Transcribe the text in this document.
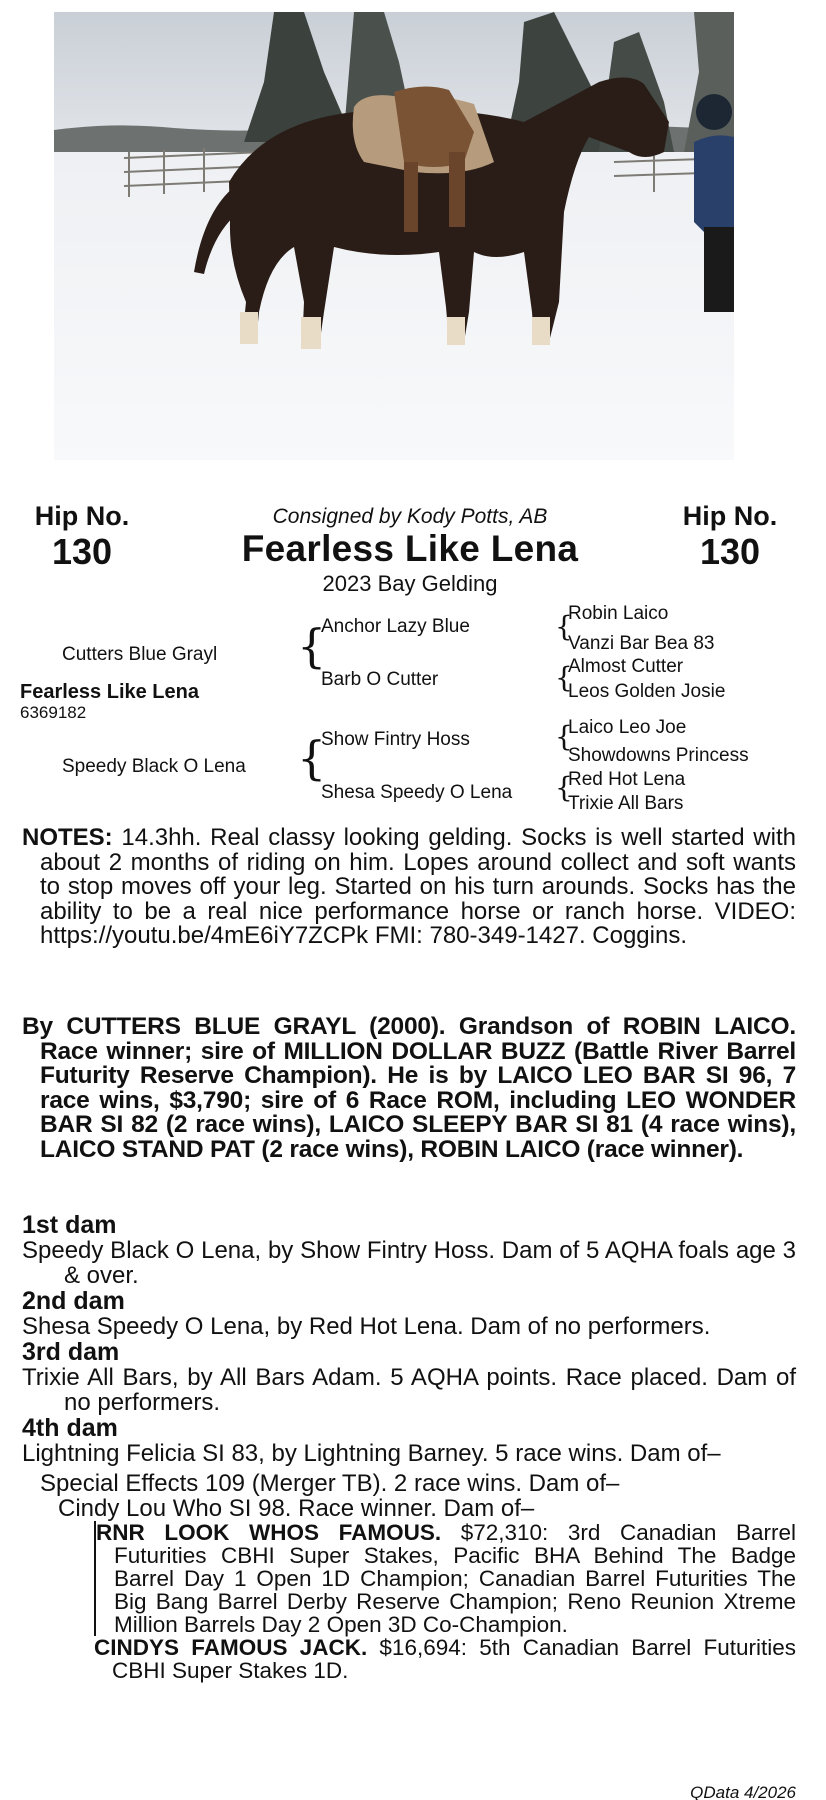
Hip No.
130
Hip No.
130
Consigned by Kody Potts, AB
Fearless Like Lena
2023 Bay Gelding
Cutters Blue Grayl
Fearless Like Lena
6369182
Speedy Black O Lena
{
{
Anchor Lazy Blue
Barb O Cutter
Show Fintry Hoss
Shesa Speedy O Lena
{
{
{
{
Robin Laico
Vanzi Bar Bea 83
Almost Cutter
Leos Golden Josie
Laico Leo Joe
Showdowns Princess
Red Hot Lena
Trixie All Bars
NOTES: 14.3hh. Real classy looking gelding. Socks is well started with about 2 months of riding on him. Lopes around collect and soft wants to stop moves off your leg. Started on his turn arounds. Socks has the ability to be a real nice performance horse or ranch horse. VIDEO: https://youtu.be/4mE6iY7ZCPk FMI: 780-349-1427. Coggins.
By CUTTERS BLUE GRAYL (2000). Grandson of ROBIN LAICO. Race winner; sire of MILLION DOLLAR BUZZ (Battle River Barrel Futurity Reserve Champion). He is by LAICO LEO BAR SI 96, 7 race wins, $3,790; sire of 6 Race ROM, including LEO WONDER BAR SI 82 (2 race wins), LAICO SLEEPY BAR SI 81 (4 race wins), LAICO STAND PAT (2 race wins), ROBIN LAICO (race winner).
1st dam
Speedy Black O Lena, by Show Fintry Hoss. Dam of 5 AQHA foals age 3 & over.
2nd dam
Shesa Speedy O Lena, by Red Hot Lena. Dam of no performers.
3rd dam
Trixie All Bars, by All Bars Adam. 5 AQHA points. Race placed. Dam of no performers.
4th dam
Lightning Felicia SI 83, by Lightning Barney. 5 race wins. Dam of–
Special Effects 109 (Merger TB). 2 race wins. Dam of–
Cindy Lou Who SI 98. Race winner. Dam of–
RNR LOOK WHOS FAMOUS. $72,310: 3rd Canadian Barrel Futurities CBHI Super Stakes, Pacific BHA Behind The Badge Barrel Day 1 Open 1D Champion; Canadian Barrel Futurities The Big Bang Barrel Derby Reserve Champion; Reno Reunion Xtreme Million Barrels Day 2 Open 3D Co-Champion.
CINDYS FAMOUS JACK. $16,694: 5th Canadian Barrel Futurities CBHI Super Stakes 1D.
QData 4/2026
